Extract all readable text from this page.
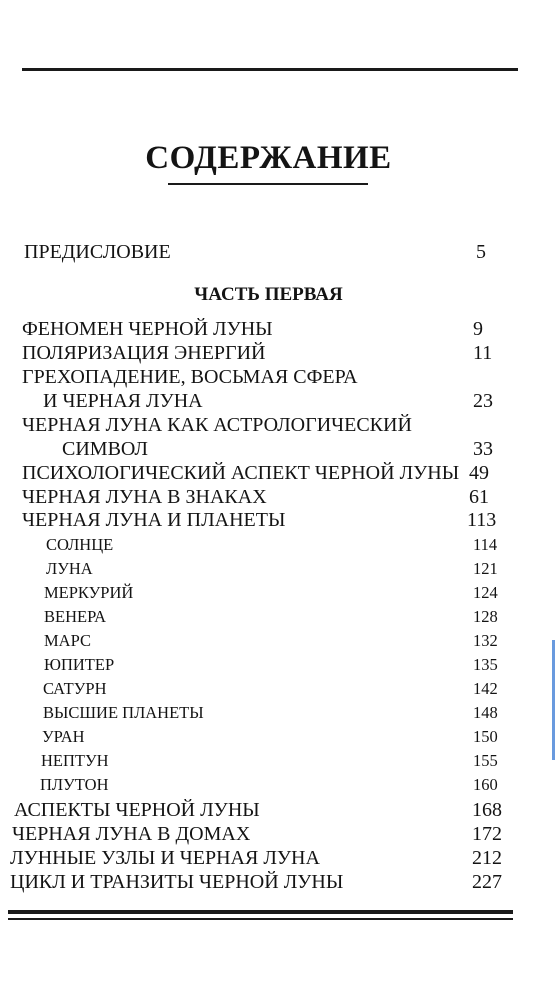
СОДЕРЖАНИЕ
ПРЕДИСЛОВИЕ	5
ЧАСТЬ ПЕРВАЯ
ФЕНОМЕН ЧЕРНОЙ ЛУНЫ	9
ПОЛЯРИЗАЦИЯ ЭНЕРГИЙ	11
ГРЕХОПАДЕНИЕ, ВОСЬМАЯ СФЕРА
И ЧЕРНАЯ ЛУНА	23
ЧЕРНАЯ ЛУНА КАК АСТРОЛОГИЧЕСКИЙ
СИМВОЛ	33
ПСИХОЛОГИЧЕСКИЙ АСПЕКТ ЧЕРНОЙ ЛУНЫ 49
ЧЕРНАЯ ЛУНА В ЗНАКАХ	61
ЧЕРНАЯ ЛУНА И ПЛАНЕТЫ	113
СОЛНЦЕ	114
ЛУНА	121
МЕРКУРИЙ	124
ВЕНЕРА	128
МАРС	132
ЮПИТЕР	135
САТУРН	142
ВЫСШИЕ ПЛАНЕТЫ	148
УРАН	150
НЕПТУН	155
ПЛУТОН	160
АСПЕКТЫ ЧЕРНОЙ ЛУНЫ	168
ЧЕРНАЯ ЛУНА В ДОМАХ	172
ЛУННЫЕ УЗЛЫ И ЧЕРНАЯ ЛУНА	212
ЦИКЛ И ТРАНЗИТЫ ЧЕРНОЙ ЛУНЫ	227
